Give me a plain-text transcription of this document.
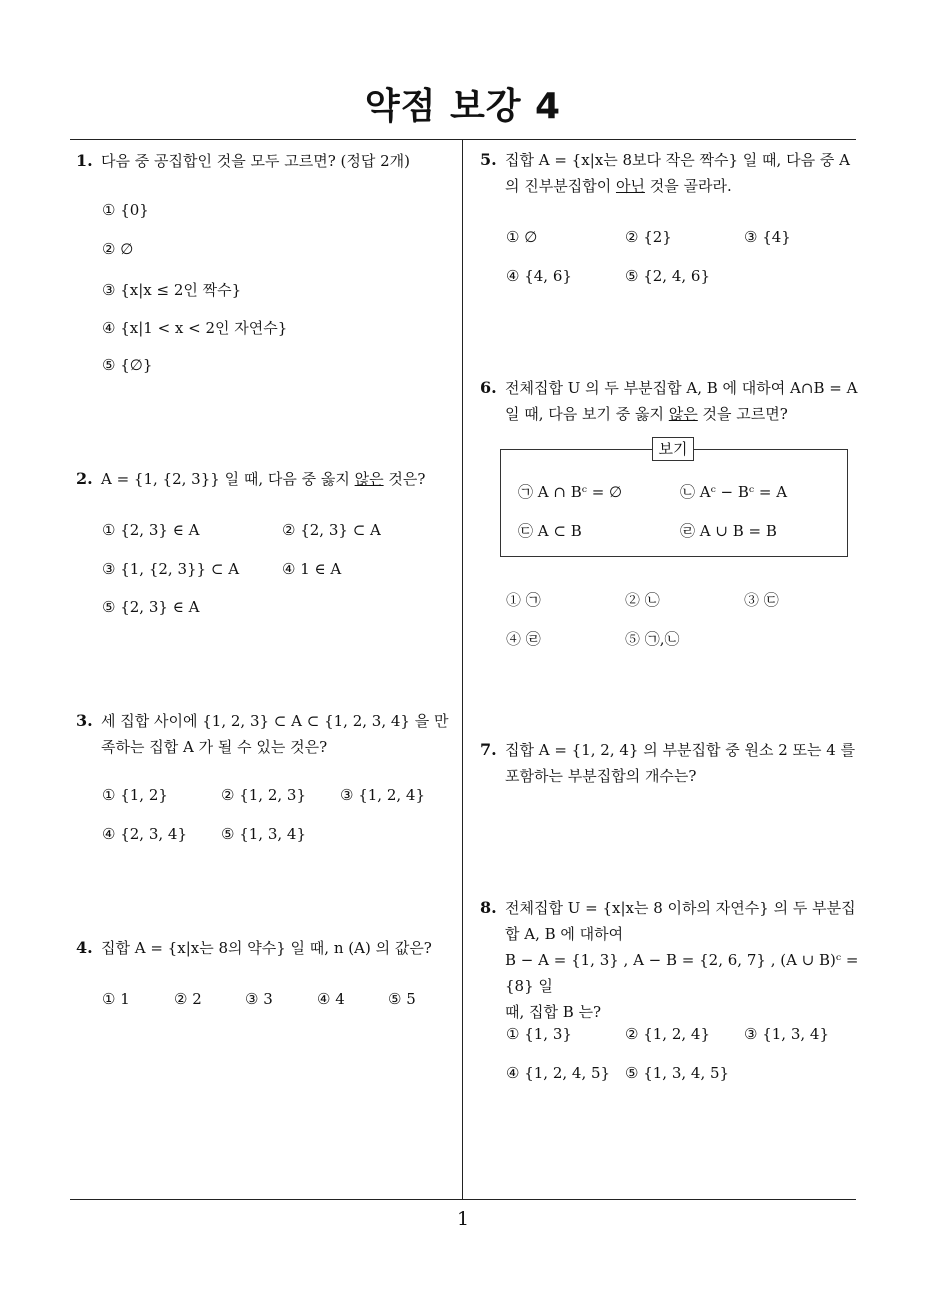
약점 보강 4
1
1. 다음 중 공집합인 것을 모두 고르면? (정답 2개)
① {0}
② ∅
③ {x|x ≤ 2인 짝수}
④ {x|1 < x < 2인 자연수}
⑤ {∅}
2. A = {1, {2, 3}} 일 때, 다음 중 옳지 않은 것은?
① {2, 3} ∈ A	② {2, 3} ⊂ A
③ {1, {2, 3}} ⊂ A	④ 1 ∈ A
⑤ {2, 3} ∈ A
3. 세 집합 사이에 {1, 2, 3} ⊂ A ⊂ {1, 2, 3, 4} 을 만
족하는 집합 A 가 될 수 있는 것은?
① {1, 2}	② {1, 2, 3} ③ {1, 2, 4}
④ {2, 3, 4} ⑤ {1, 3, 4}
4. 집합 A = {x|x는 8의 약수} 일 때, n (A) 의 값은?
① 1	② 2	③ 3	④ 4	⑤ 5
5. 집합 A = {x|x는 8보다 작은 짝수} 일 때, 다음 중 A
의 진부분집합이 아닌 것을 골라라.
① ∅	② {2}	③ {4}
④ {4, 6}	⑤ {2, 4, 6}
6. 전체집합 U 의 두 부분집합 A, B 에 대하여 A∩B = A
일 때, 다음 보기 중 옳지 않은 것을 고르면?
보기
㉠ A ∩ Bᶜ = ∅	㉡ Aᶜ − Bᶜ = A
㉢ A ⊂ B	㉣ A ∪ B = B
① ㉠	② ㉡	③ ㉢
④ ㉣	⑤ ㉠,㉡
7. 집합 A = {1, 2, 4} 의 부분집합 중 원소 2 또는 4 를
포함하는 부분집합의 개수는?
8. 전체집합 U = {x|x는 8 이하의 자연수} 의 두 부분집
합 A, B 에 대하여
B − A = {1, 3} , A − B = {2, 6, 7} , (A ∪ B)ᶜ = {8} 일
때, 집합 B 는?
① {1, 3}	② {1, 2, 4} ③ {1, 3, 4}
④ {1, 2, 4, 5} ⑤ {1, 3, 4, 5}
